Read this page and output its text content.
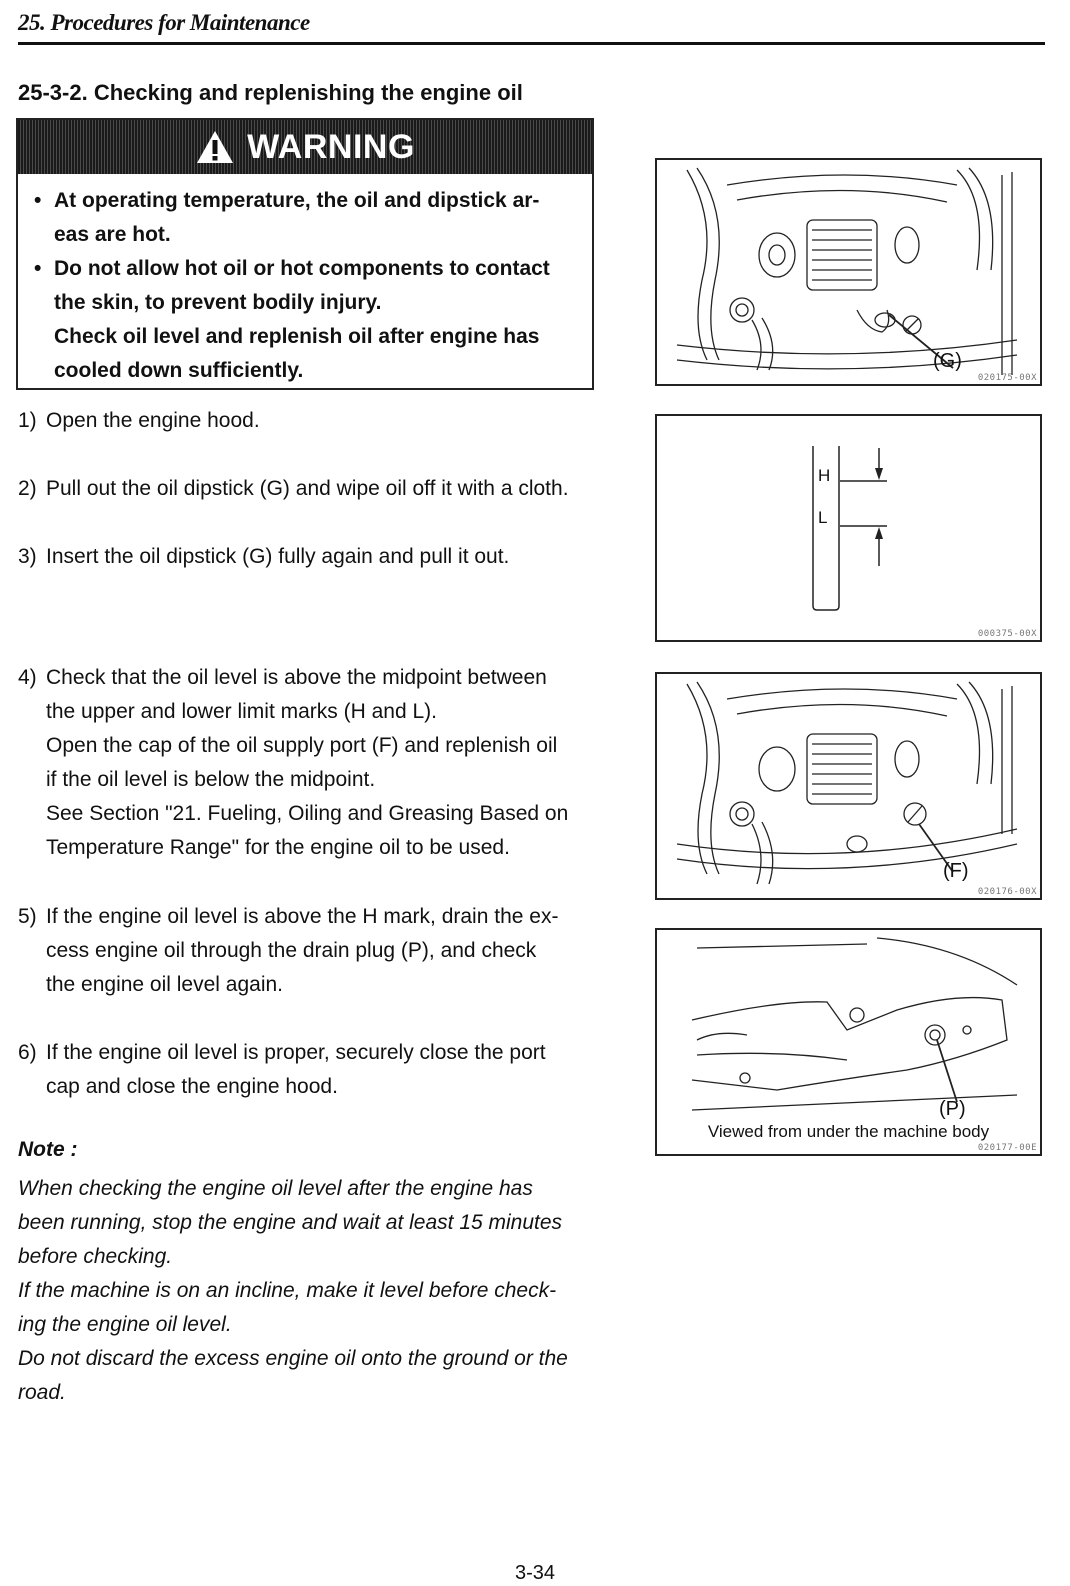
25. Procedures for Maintenance
25-3-2. Checking and replenishing the engine oil
WARNING
• At operating temperature, the oil and dipstick ar-
eas are hot.
• Do not allow hot oil or hot components to contact
the skin, to prevent bodily injury.
Check oil level and replenish oil after engine has
cooled down sufficiently.
1) Open the engine hood.
2) Pull out the oil dipstick (G) and wipe oil off it with a cloth.
3) Insert the oil dipstick (G) fully again and pull it out.
4) Check that the oil level is above the midpoint between
the upper and lower limit marks (H and L).
Open the cap of the oil supply port (F) and replenish oil
if the oil level is below the midpoint.
See Section "21. Fueling, Oiling and Greasing Based on
Temperature Range" for the engine oil to be used.
5) If the engine oil level is above the H mark, drain the ex-
cess engine oil through the drain plug (P), and check
the engine oil level again.
6) If the engine oil level is proper, securely close the port
cap and close the engine hood.
Note :
When checking the engine oil level after the engine has
been running, stop the engine and wait at least 15 minutes
before checking.
If the machine is on an incline, make it level before check-
ing the engine oil level.
Do not discard the excess engine oil onto the ground or the
road.
(G)
020175-00X
H
L
000375-00X
(F)
020176-00X
(P)
Viewed from under the machine body
020177-00E
3-34
